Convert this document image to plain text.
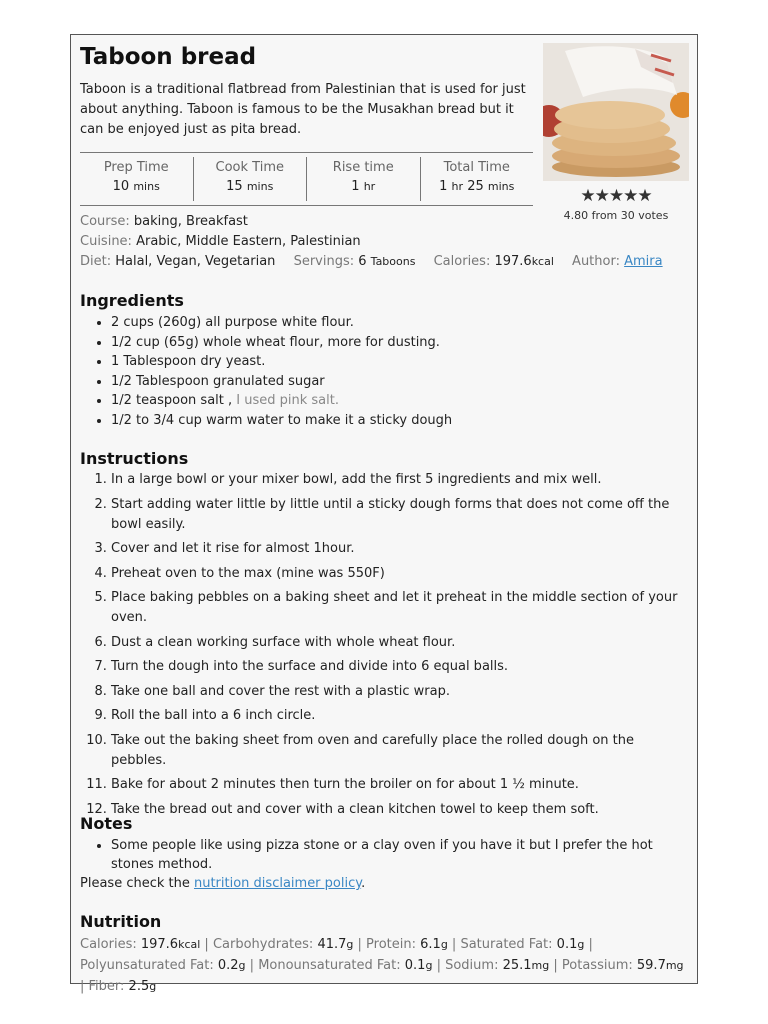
Taboon bread
Taboon is a traditional flatbread from Palestinian that is used for just about anything. Taboon is famous to be the Musakhan bread but it can be enjoyed just as pita bread.
★★★★★
4.80 from 30 votes
Prep Time
10 mins
Cook Time
15 mins
Rise time
1 hr
Total Time
1 hr 25 mins
Course: baking, Breakfast
Cuisine: Arabic, Middle Eastern, Palestinian
Diet: Halal, Vegan, Vegetarian Servings: 6 Taboons Calories: 197.6kcal Author: Amira
Ingredients
• 2 cups (260g) all purpose white flour.
• 1/2 cup (65g) whole wheat flour, more for dusting.
• 1 Tablespoon dry yeast.
• 1/2 Tablespoon granulated sugar
• 1/2 teaspoon salt , I used pink salt.
• 1/2 to 3/4 cup warm water to make it a sticky dough
Instructions
1. In a large bowl or your mixer bowl, add the first 5 ingredients and mix well.
2. Start adding water little by little until a sticky dough forms that does not come off the bowl easily.
3. Cover and let it rise for almost 1hour.
4. Preheat oven to the max (mine was 550F)
5. Place baking pebbles on a baking sheet and let it preheat in the middle section of your oven.
6. Dust a clean working surface with whole wheat flour.
7. Turn the dough into the surface and divide into 6 equal balls.
8. Take one ball and cover the rest with a plastic wrap.
9. Roll the ball into a 6 inch circle.
10. Take out the baking sheet from oven and carefully place the rolled dough on the pebbles.
11. Bake for about 2 minutes then turn the broiler on for about 1 ½ minute.
12. Take the bread out and cover with a clean kitchen towel to keep them soft.
Notes
• Some people like using pizza stone or a clay oven if you have it but I prefer the hot stones method.
Please check the nutrition disclaimer policy.
Nutrition
Calories: 197.6kcal | Carbohydrates: 41.7g | Protein: 6.1g | Saturated Fat: 0.1g | Polyunsaturated Fat: 0.2g | Monounsaturated Fat: 0.1g | Sodium: 25.1mg | Potassium: 59.7mg | Fiber: 2.5g
